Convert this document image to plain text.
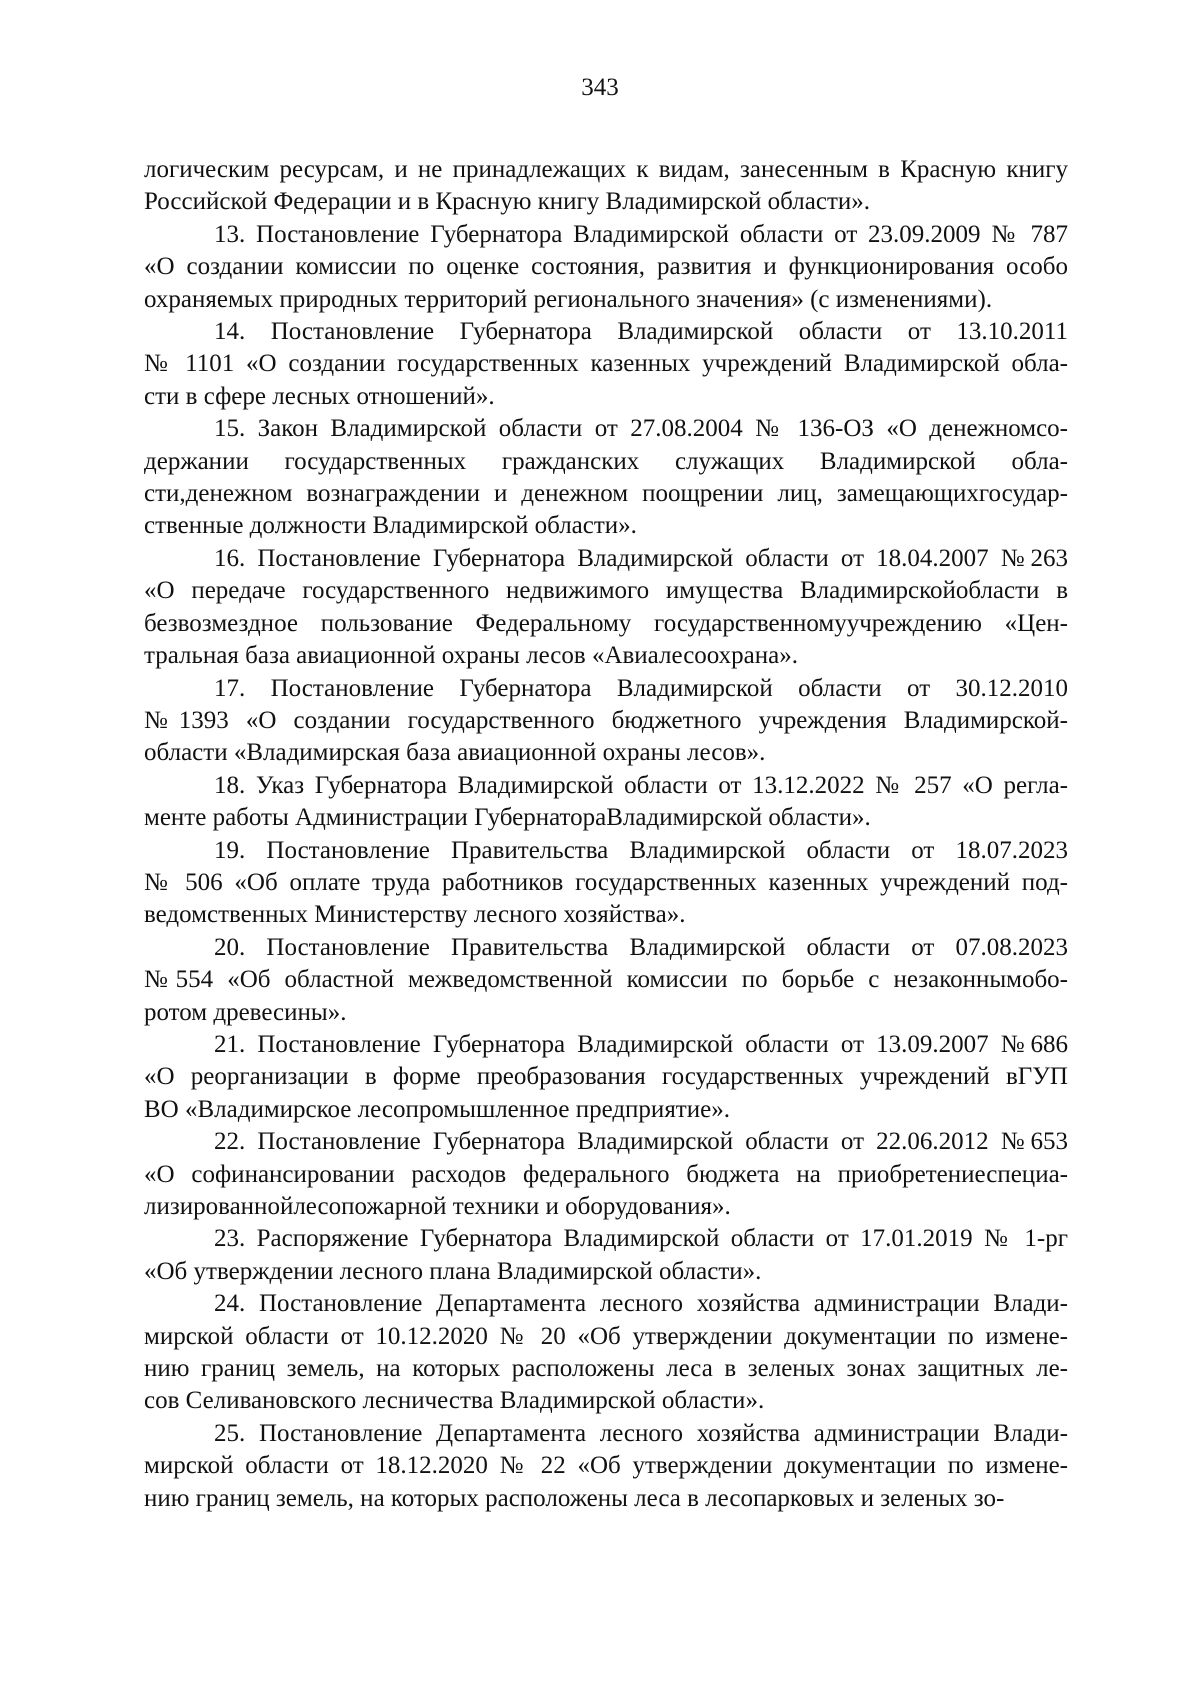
343
логическим ресурсам, и не принадлежащих к видам, занесенным в Красную книгу
Российской Федерации и в Красную книгу Владимирской области».
13. Постановление Губернатора Владимирской области от 23.09.2009 № 787
«О создании комиссии по оценке состояния, развития и функционирования особо
охраняемых природных территорий регионального значения» (с изменениями).
14. Постановление Губернатора Владимирской области от 13.10.2011
№ 1101 «О создании государственных казенных учреждений Владимирской обла-
сти в сфере лесных отношений».
15. Закон Владимирской области от 27.08.2004 № 136-ОЗ «О денежномсо-
держании государственных гражданских служащих Владимирской обла-
сти,денежном вознаграждении и денежном поощрении лиц, замещающихгосудар-
ственные должности Владимирской области».
16. Постановление Губернатора Владимирской области от 18.04.2007 №263
«О передаче государственного недвижимого имущества Владимирскойобласти в
безвозмездное пользование Федеральному государственномуучреждению «Цен-
тральная база авиационной охраны лесов «Авиалесоохрана».
17. Постановление Губернатора Владимирской области от 30.12.2010
№1393 «О создании государственного бюджетного учреждения Владимирской-
области «Владимирская база авиационной охраны лесов».
18. Указ Губернатора Владимирской области от 13.12.2022 № 257 «О регла-
менте работы Администрации ГубернатораВладимирской области».
19. Постановление Правительства Владимирской области от 18.07.2023
№ 506 «Об оплате труда работников государственных казенных учреждений под-
ведомственных Министерству лесного хозяйства».
20. Постановление Правительства Владимирской области от 07.08.2023
№554 «Об областной межведомственной комиссии по борьбе с незаконнымобо-
ротом древесины».
21. Постановление Губернатора Владимирской области от 13.09.2007 №686
«О реорганизации в форме преобразования государственных учреждений вГУП
ВО «Владимирское лесопромышленное предприятие».
22. Постановление Губернатора Владимирской области от 22.06.2012 №653
«О софинансировании расходов федерального бюджета на приобретениеспециа-
лизированнойлесопожарной техники и оборудования».
23. Распоряжение Губернатора Владимирской области от 17.01.2019 № 1-рг
«Об утверждении лесного плана Владимирской области».
24. Постановление Департамента лесного хозяйства администрации Влади-
мирской области от 10.12.2020 № 20 «Об утверждении документации по измене-
нию границ земель, на которых расположены леса в зеленых зонах защитных ле-
сов Селивановского лесничества Владимирской области».
25. Постановление Департамента лесного хозяйства администрации Влади-
мирской области от 18.12.2020 № 22 «Об утверждении документации по измене-
нию границ земель, на которых расположены леса в лесопарковых и зеленых зо-
